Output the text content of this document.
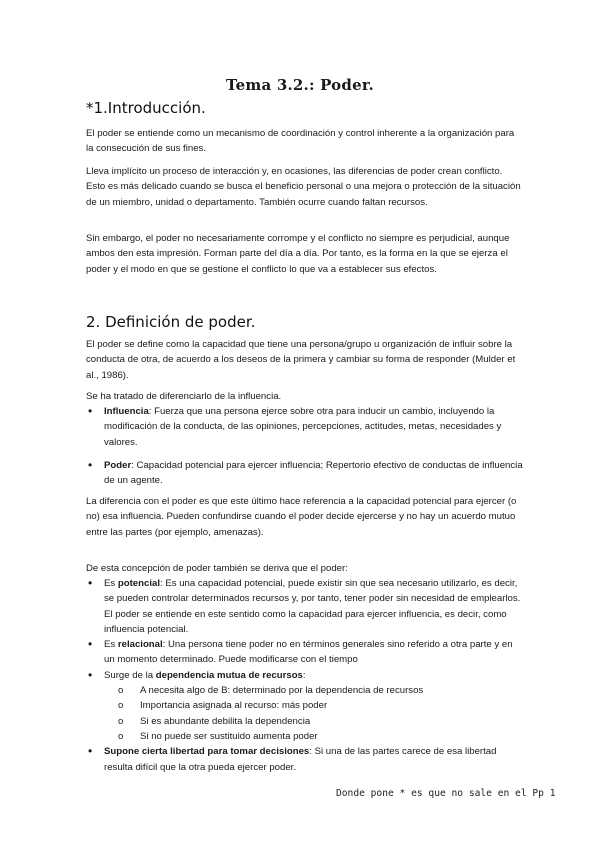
Tema 3.2.: Poder.
*1.Introducción.

El poder se entiende como un mecanismo de coordinación y control inherente a la organización para la consecución de sus fines.

Lleva implícito un proceso de interacción y, en ocasiones, las diferencias de poder crean conflicto. Esto es más delicado cuando se busca el beneficio personal o una mejora o protección de la situación de un miembro, unidad o departamento. También ocurre cuando faltan recursos.

Sin embargo, el poder no necesariamente corrompe y el conflicto no siempre es perjudicial, aunque ambos den esta impresión. Forman parte del día a día. Por tanto, es la forma en la que se ejerza el poder y el modo en que se gestione el conflicto lo que va a establecer sus efectos.

2. Definición de poder.

El poder se define como la capacidad que tiene una persona/grupo u organización de influir sobre la conducta de otra, de acuerdo a los deseos de la primera y cambiar su forma de responder (Mulder et al., 1986).

Se ha tratado de diferenciarlo de la influencia.

• Influencia: Fuerza que una persona ejerce sobre otra para inducir un cambio, incluyendo la modificación de la conducta, de las opiniones, percepciones, actitudes, metas, necesidades y valores.
• Poder: Capacidad potencial para ejercer influencia; Repertorio efectivo de conductas de influencia de un agente.

La diferencia con el poder es que este último hace referencia a la capacidad potencial para ejercer (o no) esa influencia. Pueden confundirse cuando el poder decide ejercerse y no hay un acuerdo mutuo entre las partes (por ejemplo, amenazas).

De esta concepción de poder también se deriva que el poder:

• Es potencial: Es una capacidad potencial, puede existir sin que sea necesario utilizarlo, es decir, se pueden controlar determinados recursos y, por tanto, tener poder sin necesidad de emplearlos. El poder se entiende en este sentido como la capacidad para ejercer influencia, es decir, como influencia potencial.
• Es relacional: Una persona tiene poder no en términos generales sino referido a otra parte y en un momento determinado. Puede modificarse con el tiempo
• Surge de la dependencia mutua de recursos:
o A necesita algo de B: determinado por la dependencia de recursos
o Importancia asignada al recurso: más poder
o Si es abundante debilita la dependencia
o Si no puede ser sustituido aumenta poder
• Supone cierta libertad para tomar decisiones: Si una de las partes carece de esa libertad resulta difícil que la otra pueda ejercer poder.
Donde pone * es que no sale en el Pp 1
